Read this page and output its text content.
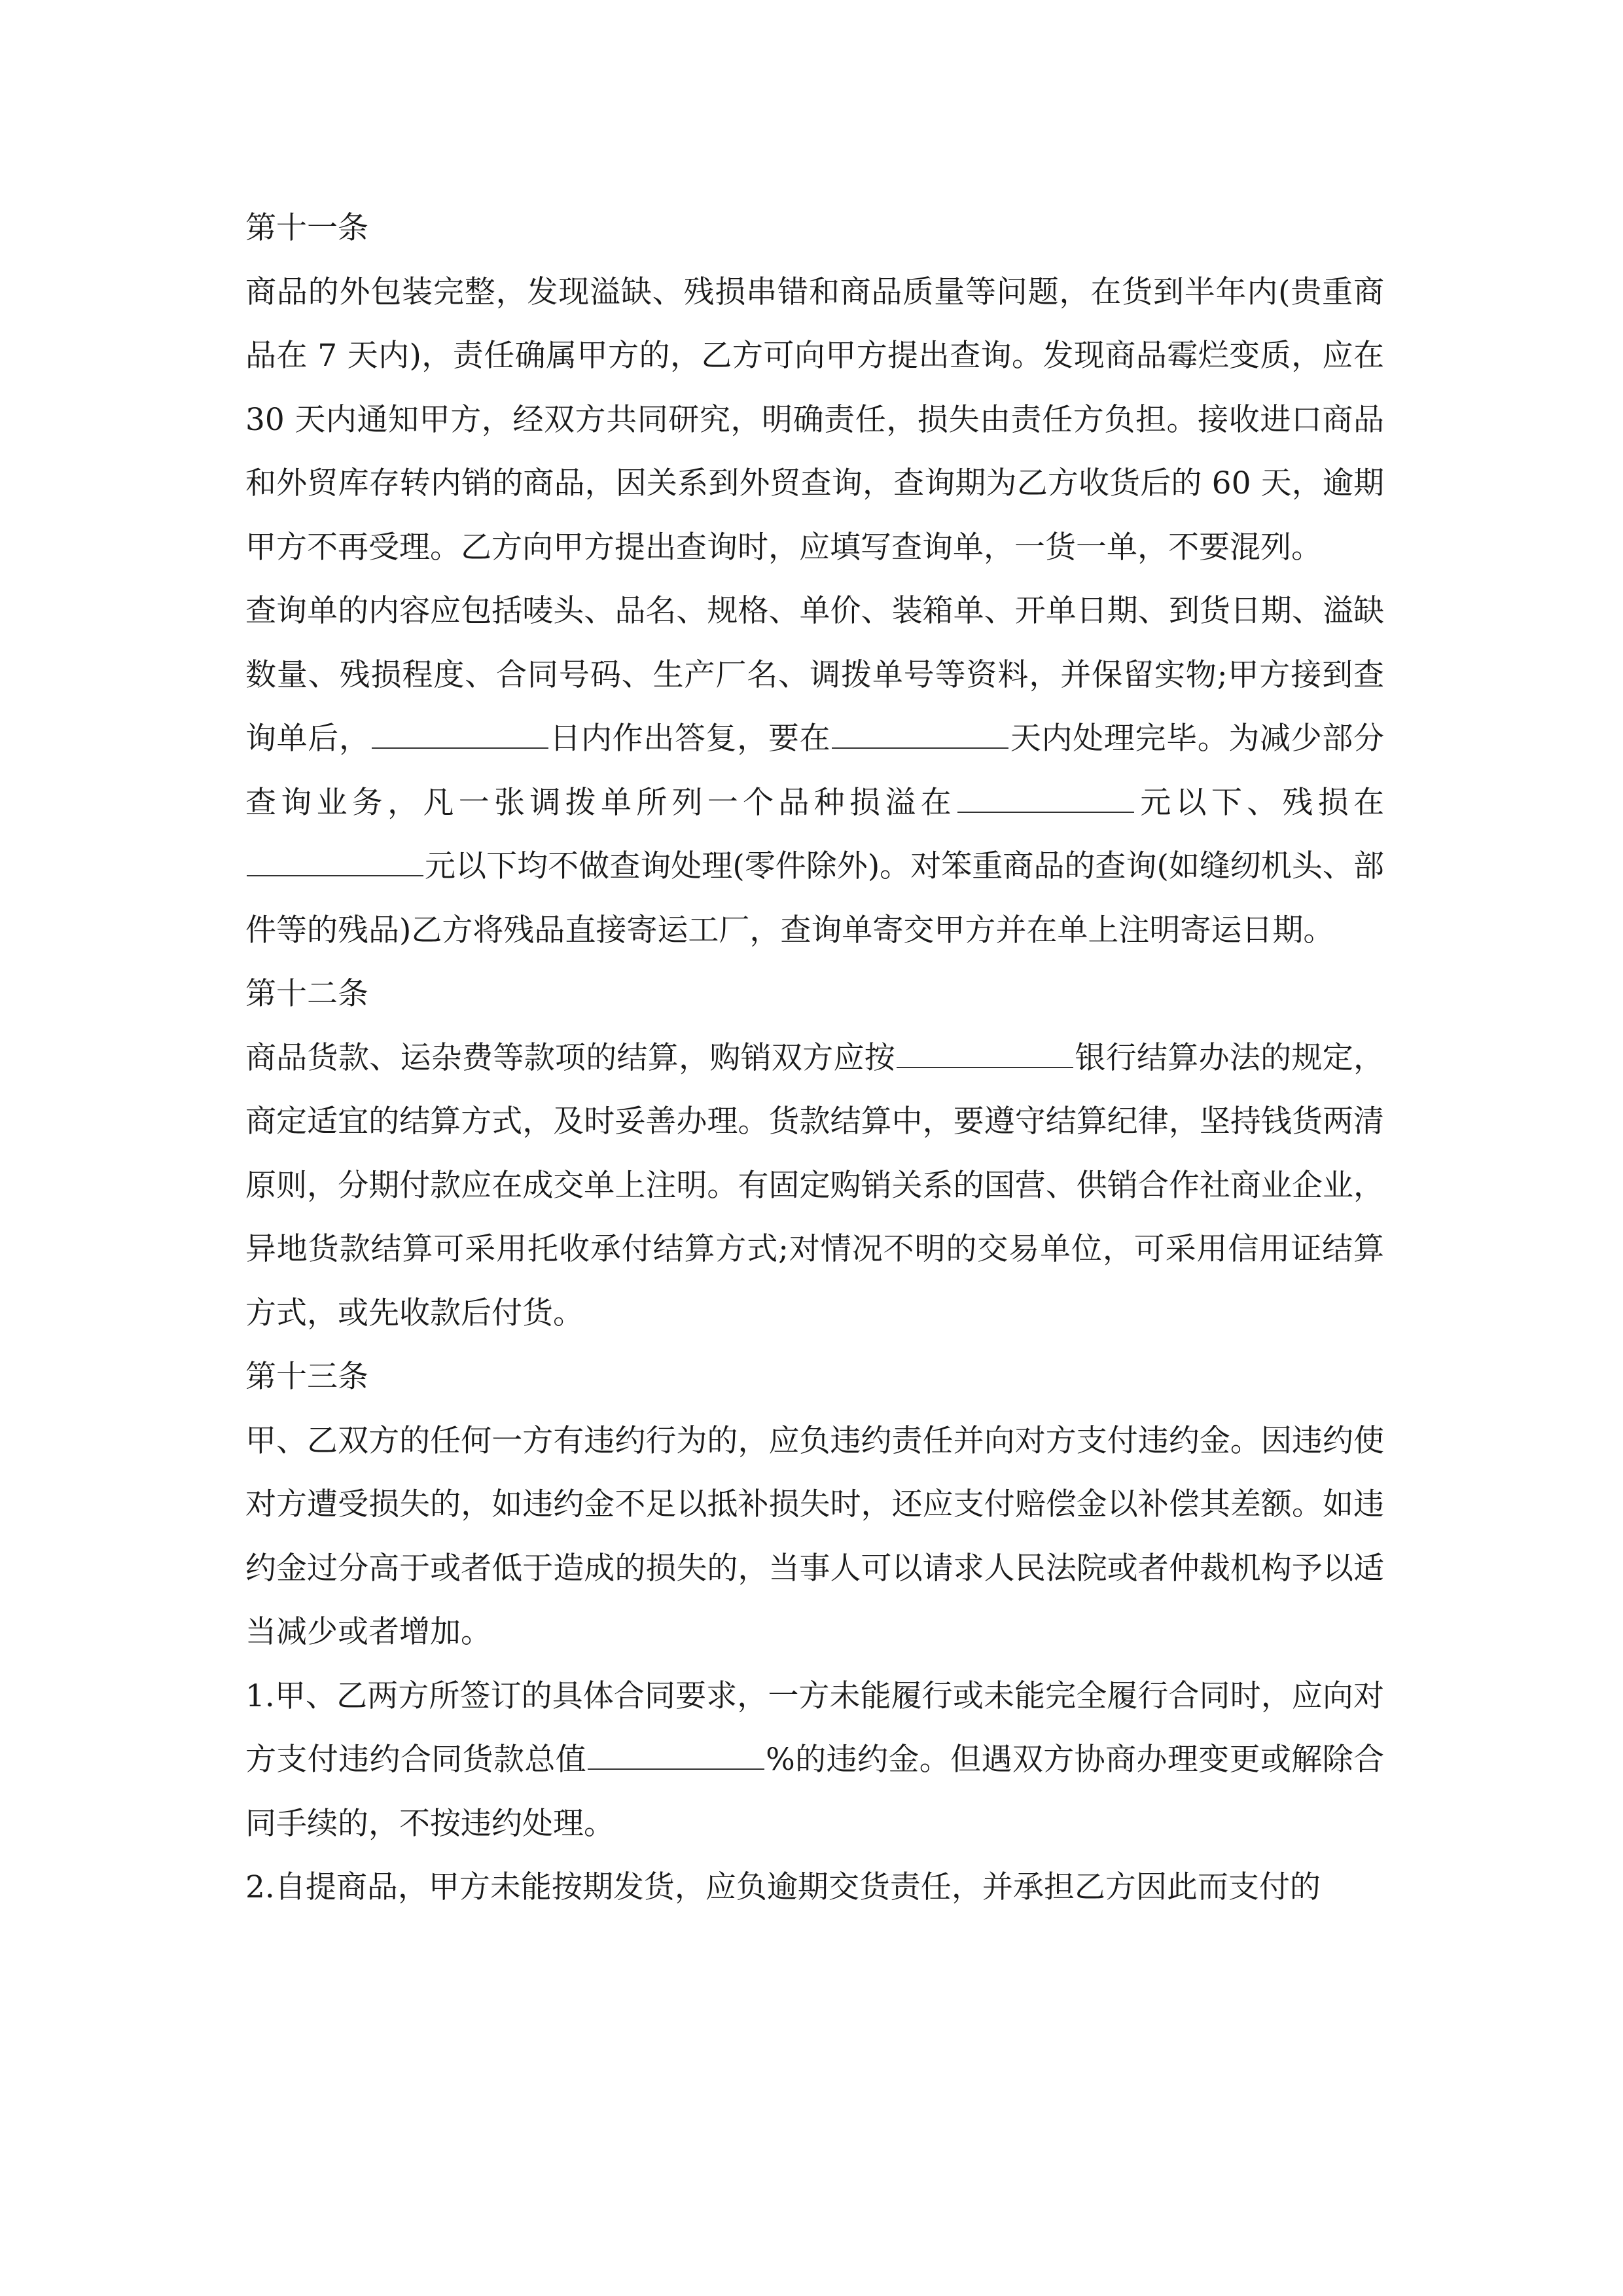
第十一条

商品的外包装完整，发现溢缺、残损串错和商品质量等问题，在货到半年内(贵重商品在 7 天内)，责任确属甲方的，乙方可向甲方提出查询。发现商品霉烂变质，应在 30 天内通知甲方，经双方共同研究，明确责任，损失由责任方负担。接收进口商品和外贸库存转内销的商品，因关系到外贸查询，查询期为乙方收货后的 60 天，逾期甲方不再受理。乙方向甲方提出查询时，应填写查询单，一货一单，不要混列。

查询单的内容应包括唛头、品名、规格、单价、装箱单、开单日期、到货日期、溢缺数量、残损程度、合同号码、生产厂名、调拨单号等资料，并保留实物;甲方接到查询单后，	日内作出答复，要在	天内处理完毕。为减少部分查询业务，凡一张调拨单所列一个品种损溢在	元以下、残损在元以下均不做查询处理(零件除外)。对笨重商品的查询(如缝纫机头、部件等的残品)乙方将残品直接寄运工厂，查询单寄交甲方并在单上注明寄运日期。

第十二条

商品货款、运杂费等款项的结算，购销双方应按	银行结算办法的规定，商定适宜的结算方式，及时妥善办理。货款结算中，要遵守结算纪律，坚持钱货两清原则，分期付款应在成交单上注明。有固定购销关系的国营、供销合作社商业企业，异地货款结算可采用托收承付结算方式;对情况不明的交易单位，可采用信用证结算方式，或先收款后付货。

第十三条

甲、乙双方的任何一方有违约行为的，应负违约责任并向对方支付违约金。因违约使对方遭受损失的，如违约金不足以抵补损失时，还应支付赔偿金以补偿其差额。如违约金过分高于或者低于造成的损失的，当事人可以请求人民法院或者仲裁机构予以适当减少或者增加。

1.甲、乙两方所签订的具体合同要求，一方未能履行或未能完全履行合同时，应向对方支付违约合同货款总值	%的违约金。但遇双方协商办理变更或解除合同手续的，不按违约处理。

2.自提商品，甲方未能按期发货，应负逾期交货责任，并承担乙方因此而支付的
